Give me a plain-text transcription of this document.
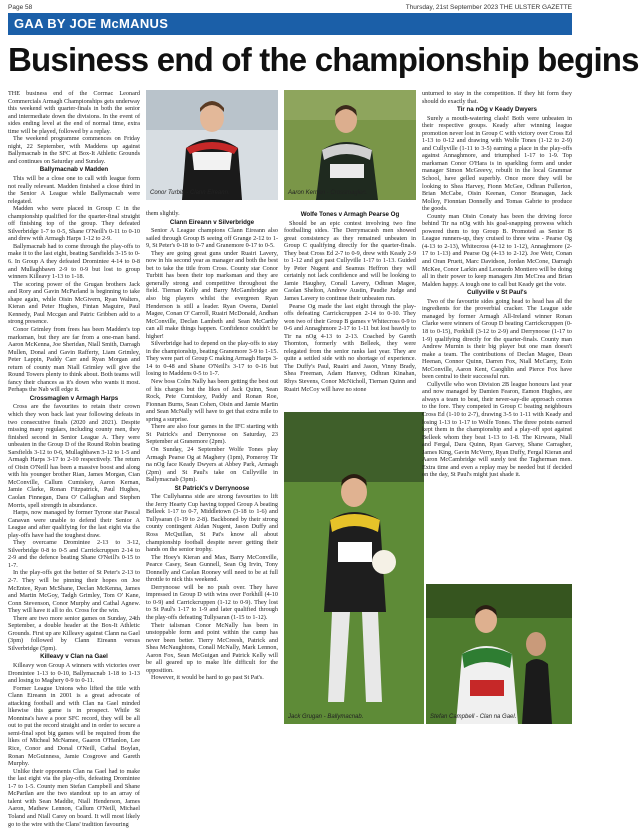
Page 58	Thursday, 21st September 2023 THE ULSTER GAZETTE
GAA BY JOE McMANUS
Business end of the championship begins

THE business end of the Corrnac Leonard Commercials Armagh Championships gets underway this weekend with quarter-finals in both the senior and intermediate down the divisions. In the event of sides ending level at the end of normal time, extra time will be played, followed by a replay.

The weekend programme commences on Friday night, 22 September, with Maddens up against Ballymacnab in the SFC at Box-It Athletic Grounds and continues on Saturday and Sunday.

Ballymacnab v Madden

This will be a close one to call with league form not really relevant. Madden finished a close third in the Senior A League while Ballymacnab were relegated.

Madden who were placed in Group C in the championship qualified for the quarter-final straight off finishing top of the group. They defeated Silverbridge 1-7 to 0-5, Shane O'Neill's 0-11 to 0-10 and drew with Armagh Harps 1-12 to 2-9.

Ballymacnab had to come through the play-offs to make it to the last eight, beating Sarsfields 3-15 to 0-6. In Group A they defeated Dromintee 4-14 to 0-8 and Mullaghbawn 2-9 to 0-9 but lost to group winners Killeavy 1-13 to 1-18.

The scoring power of the Grugan brothers Jack and Rory and Gavin McParland is beginning to take shape again, while Oisin McGivern, Ryan Walters, Kieran and Peter Hughes, Fintan Maguire, Paul Kennedy, Paul Mccgan and Patric Gribben add to a strong presence.

Conor Grimley from frees has been Madden's top marksman, but they are far from a one-man band. Aaron McKenna, Joe Sheridan, Niall Smith, Darragh Mullen, Donal and Gavin Rafferty, Liam Grimley, Peter Lappin, Paddy Carr and Ryan Morgan and return of county man Niall Grimley will give the Round Towers plenty to think about. Both teams will fancy their chances as it's down who wants it most. Perhaps the Nab will edge it.

Crossmaglen v Armagh Harps

Cross are the favourites to retain their crown which they won back last year following defeats in two consecutive finals (2020 and 2021). Despite missing many regulars, including county men, they finished second in Senior League A. They were unbeaten in the Group D of the Round Robin beating Sarsfields 3-12 to 0-6, Mullaghbawn 3-12 to 1-5 and Armagh Harps 3-17 to 2-10 respectively. The return of Oisin O'Neill has been a massive boost and along with his younger brother Rian, James Morgan, Cian McConville, Callum Cumiskey, Aaron Kernan, Jamie Clarke, Ronan Fitzpatrick, Paul Hughes, Caolan Finnegan, Dara O' Callaghan and Stephen Morris, spell strength in abundance.

Harps, now managed by former Tyrone star Pascal Canavan were unable to defend their Senior A League and after qualifying for the last eight via the play-offs have had the toughest draw.

They overcame Dromintee 2-13 to 3-12, Silverbridge 0-8 to 0-5 and Carrickcruppen 2-14 to 2-9 and the defence beating Shane O'Neill's 0-15 to 1-7.

In the play-offs got the better of St Peter's 2-13 to 2-7. They will be pinning their hopes on Joe McEntee, Ryan McShane, Declan McKenna, James and Martin McGoy, Tadgh Grimley, Tom O' Kane, Conn Stevenson, Conor Murphy and Cathal Agnew. They will have it all to do. Cross for the win.

There are two more senior games on Sunday, 24th September, a double header at the Box-It Athletic Grounds. First up are Killeavy against Clann na Gael (3pm) followed by Clann Eireann versus Silverbridge (5pm).

Killeavy v Clan na Gael

Killeavy won Group A winners with victories over Dromintee 1-13 to 0-10, Ballymacnab 1-18 to 1-13 and losing to Maghery 0-9 to 0-11.

Former League Unions who lifted the title with Clann Eireann in 2001 is a great advocate of attacking football and with Clan na Gael minded likewise this game is in prospect. While St Monnina's have a poor SFC record, they will be all out to put the record straight and in order to secure a semi-final spot big games will be required from the likes of Micheal McNamee, Gaaron O'Hanlon, Lee Rice, Conor and Donal O'Neill, Cathal Boylan, Ronan McGuinness, Jamie Cosgrove and Gareth Murphy.

Unlike their opponents Clan na Gael had to make the last eight via the play-offs, defeating Dromintee 1-7 to 1-5. County men Stefan Campbell and Shane McPartlan are the two standout up to an array of talent with Sean Maddie, Niall Henderson, James Aaron, Mathew Lennon, Callum O'Neill, Michael Toland and Niall Carey on board. It will most likely go to the wire with the Clans' tradition favouring

Conor Turbitt - Clann Eireann.	Aaron Kernan - Crossmaglen.

them slightly.

Clann Eireann v Silverbridge

Senior A League champions Clann Eireann also sailed through Group B seeing off Grange 2-12 to 1-9, St Peter's 0-18 to 0-7 and Granemore 0-17 to 0-5.

They are going great guns under Ruairi Lavery, now in his second year as manager and both the best bet to take the title from Cross. County star Conor Turbitt has been their top marksman and they are generally strong and competitive throughout the field. Tiernan Kelly and Barry McGambridge are also big players whilst the evergreen Ryan Henderson is still a leader. Ryan Owens, Daniel Magee, Conan O' Carroll, Ruairi McDonald, Andhan McConville, Declan Lambeth and Sean McCarthy can all make things happen. Confidence couldn't be higher!

Silverbridge had to depend on the play-offs to stay in the championship, beating Granemore 3-9 to 1-15. They were part of Group C making Armagh Harps 3-14 to 0-48 and Shane O'Neill's 3-17 to 0-16 but losing to Maddens 0-5 to 1-7.

New boss Colm Nally has been getting the best out of his charges but the likes of Jack Quinn, Sean Rock, Pete Cumiskey, Paddy and Ronan Roe, Fionnan Burns, Sean Cohen, Oisin and Jamie Martin and Sean McNally will have to get that extra mile to spring a surprise.

There are also four games in the IFC starting with St Patrick's and Derrynoose on Saturday, 23 September at Granemore (2pm).

On Sunday, 24 September Wolfe Tones play Armagh Pearse Og at Maghery (1pm), Pomeroy Tir na nOg face Keady Dwyers at Abbey Park, Armagh (2pm) and St Paul's take on Cullyville in Ballymacnab (3pm).

St Patrick's v Derrynoose

The Cullyhanna side are strong favourites to lift the Jerry Hearty Cup having topped Group A beating Belleek 1-17 to 0-7, Middletown (3-18 to 1-6) and Tullysaran (1-19 to 2-8). Backboned by their strong county contingent Aidan Nugent, Jason Duffy and Ross McQuillan, St Pat's know all about championship football despite never getting their hands on the senior trophy.

The Hoey's Kieran and Max, Barry McConville, Pearce Casey, Sean Gunnell, Sean Og Irvin, Tony Donnelly and Caolan Rooney will need to be at full throttle to nick this weekend.

Derrynoose will be no push over. They have impressed in Group D with wins over Forkhill (4-10 to 0-9) and Carrickcruppen (1-12 to 0-9). They lost to St Paul's 1-17 to 1-9 and later qualified through the play-offs defeating Tullysaran (1-15 to 1-12).

Their talisman Conor McNally has been in unstoppable form and point within the camp has never been better. Tierry McCreesh, Patrick and Shea McNaughtons, Conall McNally, Mark Lennon, Aaron Fox, Sean McGuigan and Patrick Kelly will be all geared up to make life difficult for the opposition.

However, it would be hard to go past St Pat's.

Wolfe Tones v Armagh Pearse Og

Should be an epic contest involving two fine footballing sides. The Derrymacash men showed great consistency as they remained unbeaten in Group C qualifying directly for the quarter-finals. They beat Cross Ed 2-7 to 0-9, drew with Keady 2-9 to 1-12 and got past Cullyville 1-17 to 1-13. Guided by Peter Nugent and Seamus Heffron they will certainly not lack confidence and will be looking to Jamie Haughey, Conall Lavery, Odhran Magee, Caolan Shelton, Andrew Austin, Paudie Judge and James Lavery to continue their unbeaten run.

Pearse Og made the last eight through the play-offs defeating Carrickcruppen 2-14 to 0-10. They won two of their Group B games v Whitecross 0-9 to 0-6 and Annaghmore 2-17 to 1-11 but lost heavily to Tir na nOg 4-13 to 2-13. Coached by Gareth Thornton, formerly with Belleek, they were relegated from the senior ranks last year. They are quite a settled side with no shortage of experience. The Duffy's Paul, Ruairi and Jason, Vinny Brady, Shea Freeman, Adam Hanvey, Odhran Kinahan, Rhys Stevens, Conor McNicholl, Tiernan Quinn and Ruairi McCoy will have no stone

Jack Grugan - Ballymacnab.

unturned to stay in the competition. If they hit form they should do exactly that.

Tir na nOg v Keady Dwyers

Surely a mouth-watering clash! Both were unbeaten in their respective groups. Keady after winning league promotion never lost in Group C with victory over Cross Ed 1-13 to 0-12 and drawing with Wolfe Tones (1-12 to 2-9) and Cullyville (1-11 to 3-5) earning a place in the play-offs against Annaghmore, and triumphed 1-17 to 1-9. Top marksman Conor O'Hara is in sparkling form and under manager Simon McGreevy, rebuilt in the local Grammar School, have gelled superbly. Once more they will be looking to Shea Harvey, Fionn McGee, Odhran Fullerton, Brian McCabe, Oisin Keenan, Conor Branagan, Jack Molloy, Fionntan Donnelly and Tomas Gabrie to produce the goods.

County man Oisin Conaty has been the driving force behind Tir na nOg with his goal-snapping prowess which powered them to top Group B. Promoted as Senior B League runners-up, they cruised to three wins - Pearse Og (4-13 to 2-13), Whitecross (4-12 to 1-12), Annaghmore (2-17 to 1-13) and Pearse Og (4-13 to 2-12). Joe Weir, Conan and Oran Pruett, Marc Davidson, Jordan McCone, Darragh McKee, Conor Larkin and Leonardo Montiero will be doing all in their power to keep managers Jim McCrea and Brian Malden happy. A tough one to call but Keady get the vote.

Cullyville v St Paul's

Two of the favourite sides going head to head has all the ingredients for the proverbial cracker. The League side managed by former Armagh All-Ireland winner Ronan Clarke were winners of Group D beating Carrickcruppen (0-18 to 0-15), Forkhill (3-12 to 2-9) and Derrynoose (1-17 to 1-9) qualifying directly for the quarter-finals. County man Andrew Murnin is their big player but one man doesn't make a team. The contributions of Declan Magee, Dean Heenan, Connor Quinn, Darren Fox, Niall McCarry, Eoin McConville, Aaron Kent, Caoghlin and Pierce Fox have been central to their successful run.

Cullyville who won Division 2B league honours last year and now managed by Damien Fearon, Eamon Hughes, are always a team to beat, their never-say-die approach comes to the fore. They competed in Group C beating neighbours Cross Ed (1-10 to 2-7), drawing 3-5 to 1-11 with Keady and losing 1-13 to 1-17 to Wolfe Tones. The three points earned kept them in the championship and a play-off spot against Belleek whom they beat 1-13 to 1-8. The Kirwans, Niall and Fergal, Dara Quinn, Ryan Garvey, Shane Carragher, James King, Gavin McVerry, Ryan Duffy, Fergal Kieran and Aaron McCambridge will surely test the Tagherman men. Extra time and even a replay may be needed but if decided on the day, St Paul's might just shade it.

Stefan Campbell - Clan na Gael.
